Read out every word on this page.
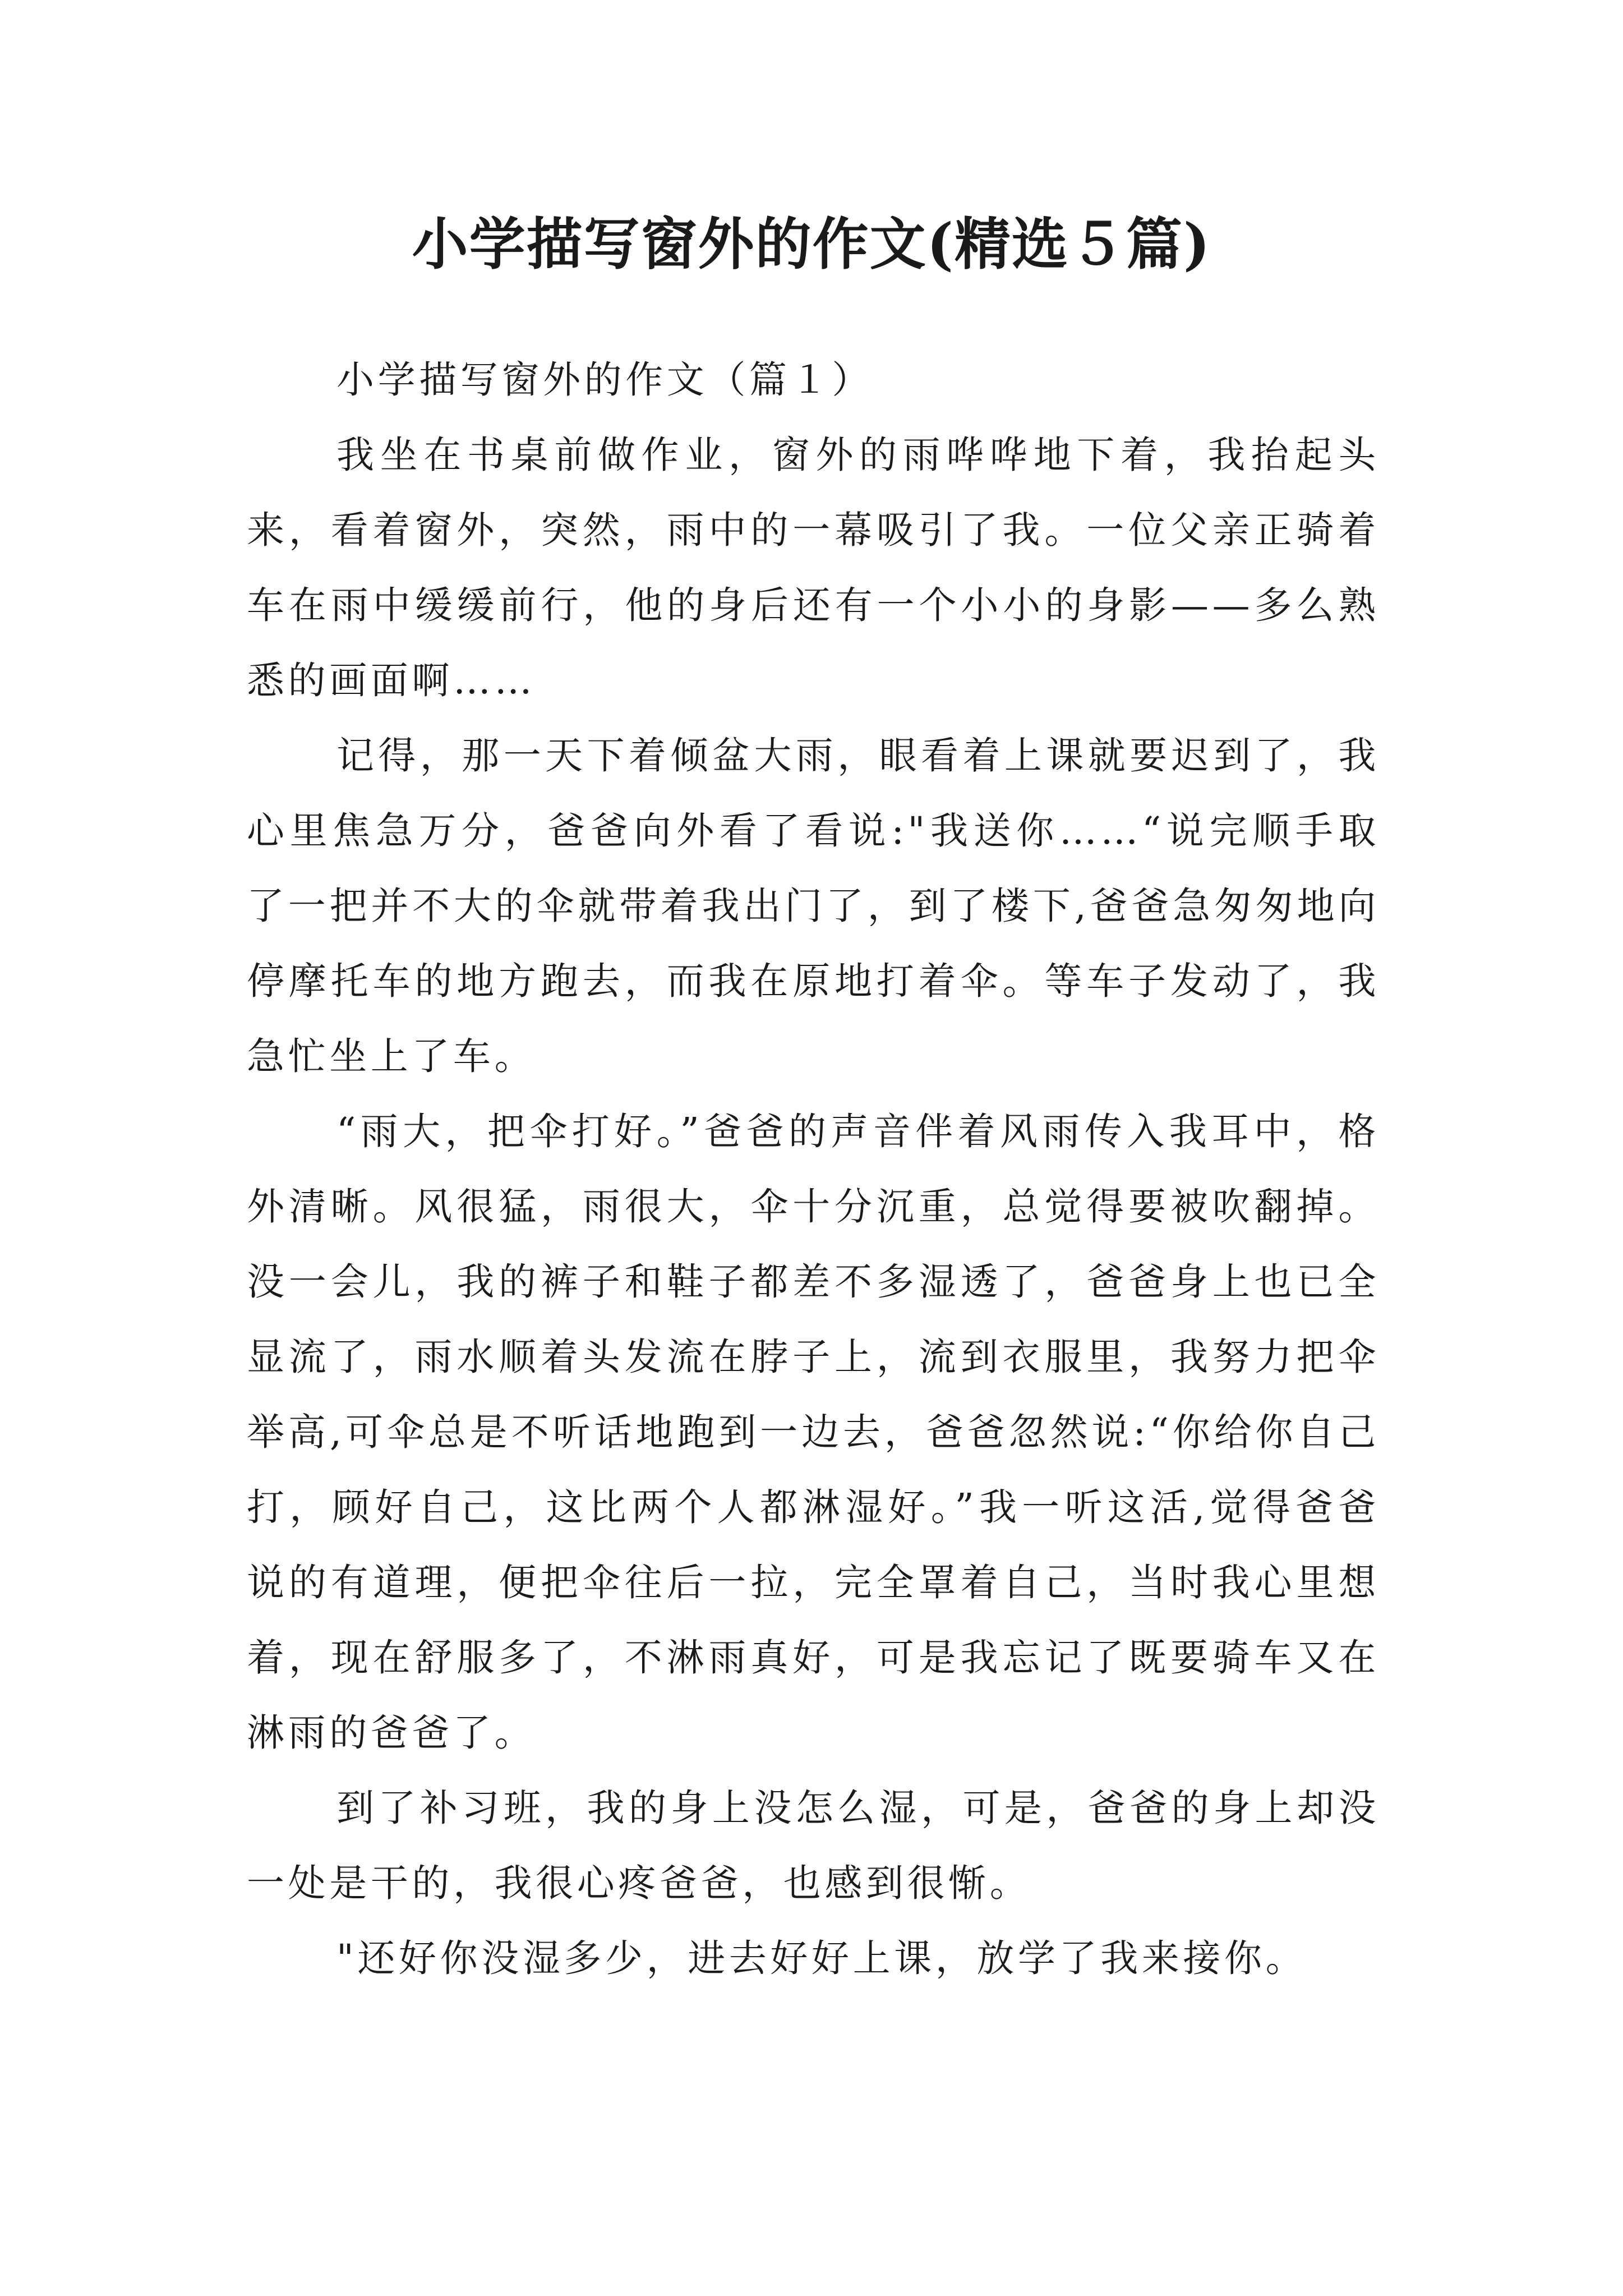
小学描写窗外的作文(精选５篇)

小学描写窗外的作文（篇１）

我坐在书桌前做作业，窗外的雨哗哗地下着，我抬起头来，看着窗外，突然，雨中的一幕吸引了我。一位父亲正骑着车在雨中缓缓前行，他的身后还有一个小小的身影——多么熟悉的画面啊……

记得，那一天下着倾盆大雨，眼看着上课就要迟到了，我心里焦急万分，爸爸向外看了看说:"我送你……“说完顺手取了一把并不大的伞就带着我出门了，到了楼下,爸爸急匆匆地向停摩托车的地方跑去，而我在原地打着伞。等车子发动了，我急忙坐上了车。

“雨大，把伞打好。”爸爸的声音伴着风雨传入我耳中，格外清晰。风很猛，雨很大，伞十分沉重，总觉得要被吹翻掉。没一会儿，我的裤子和鞋子都差不多湿透了，爸爸身上也已全显流了，雨水顺着头发流在脖子上，流到衣服里，我努力把伞举高,可伞总是不听话地跑到一边去，爸爸忽然说:“你给你自己打，顾好自己，这比两个人都淋湿好。”我一听这活,觉得爸爸说的有道理，便把伞往后一拉，完全罩着自己，当时我心里想着，现在舒服多了，不淋雨真好，可是我忘记了既要骑车又在淋雨的爸爸了。

到了补习班，我的身上没怎么湿，可是，爸爸的身上却没一处是干的，我很心疼爸爸，也感到很惭。

"还好你没湿多少，进去好好上课，放学了我来接你。
